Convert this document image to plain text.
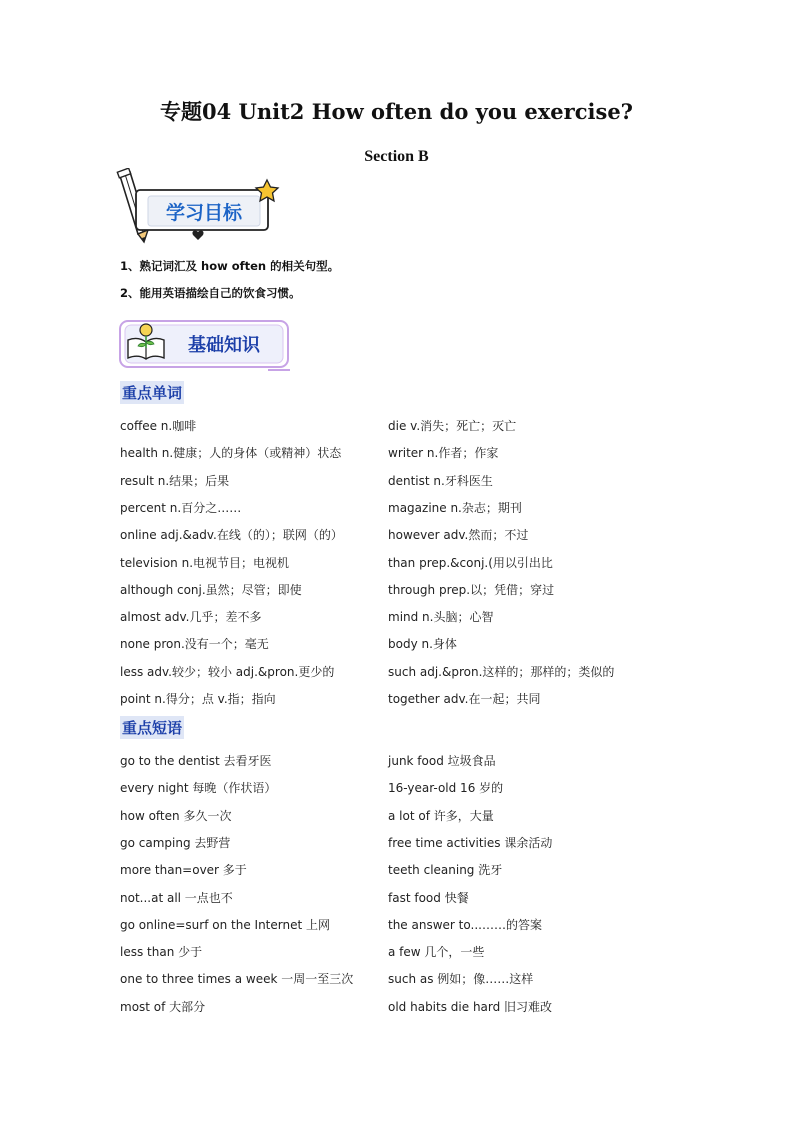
专题04 Unit2 How often do you exercise?
Section B
学习目标
1、熟记词汇及 how often 的相关句型。
2、能用英语描绘自己的饮食习惯。
基础知识
重点单词
coffee n.咖啡
health n.健康；人的身体（或精神）状态
result n.结果；后果
percent n.百分之……
online adj.&adv.在线（的）；联网（的）
television n.电视节目；电视机
although conj.虽然；尽管；即使
almost adv.几乎；差不多
none pron.没有一个；毫无
less adv.较少；较小 adj.&pron.更少的
point n.得分；点 v.指；指向
die v.消失；死亡；灭亡
writer n.作者；作家
dentist n.牙科医生
magazine n.杂志；期刊
however adv.然而；不过
than prep.&conj.(用以引出比
through prep.以；凭借；穿过
mind n.头脑；心智
body n.身体
such adj.&pron.这样的；那样的；类似的
together adv.在一起；共同
重点短语
go to the dentist 去看牙医
every night 每晚（作状语）
how often 多久一次
go camping 去野营
more than=over 多于
not...at all 一点也不
go online=surf on the Internet 上网
less than 少于
one to three times a week 一周一至三次
most of 大部分
junk food 垃圾食品
16-year-old 16 岁的
a lot of 许多，大量
free time activities 课余活动
teeth cleaning 洗牙
fast food 快餐
the answer to...……的答案
a few 几个，一些
such as 例如；像……这样
old habits die hard 旧习难改
